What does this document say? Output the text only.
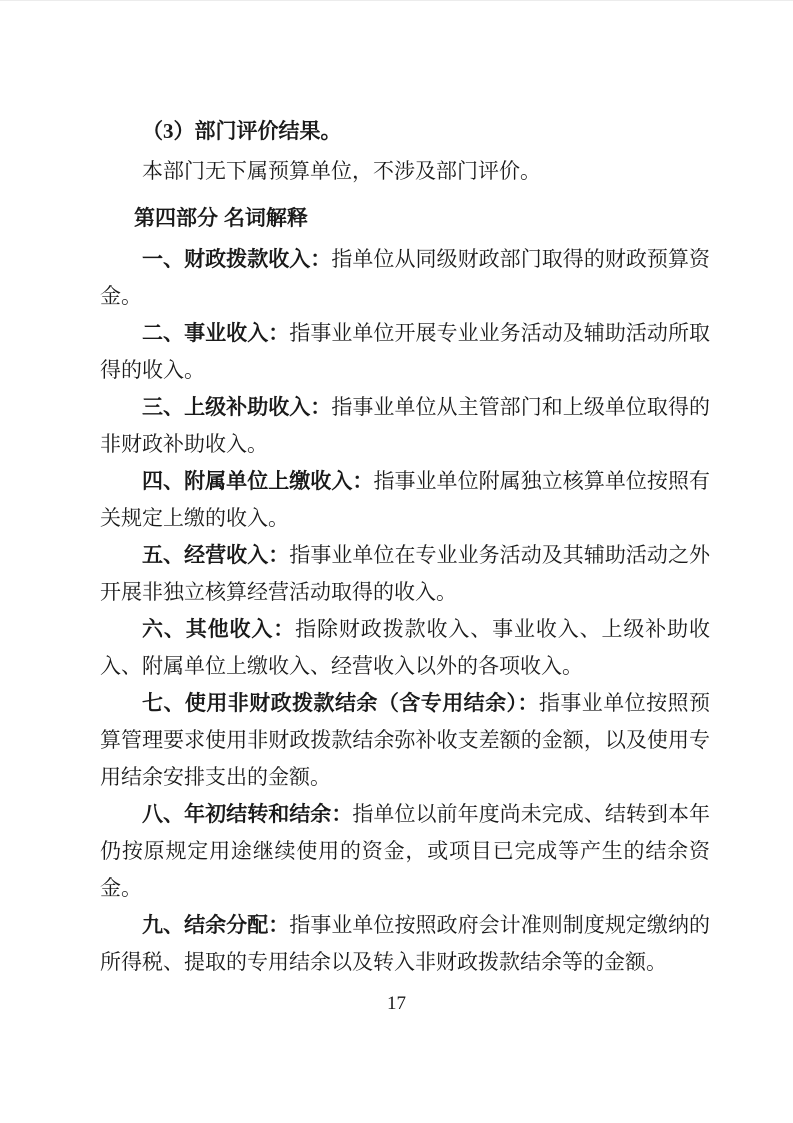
（3）部门评价结果。

本部门无下属预算单位，不涉及部门评价。

第四部分 名词解释

一、财政拨款收入：指单位从同级财政部门取得的财政预算资金。

二、事业收入：指事业单位开展专业业务活动及辅助活动所取得的收入。

三、上级补助收入：指事业单位从主管部门和上级单位取得的非财政补助收入。

四、附属单位上缴收入：指事业单位附属独立核算单位按照有关规定上缴的收入。

五、经营收入：指事业单位在专业业务活动及其辅助活动之外开展非独立核算经营活动取得的收入。

六、其他收入：指除财政拨款收入、事业收入、上级补助收入、附属单位上缴收入、经营收入以外的各项收入。

七、使用非财政拨款结余（含专用结余）：指事业单位按照预算管理要求使用非财政拨款结余弥补收支差额的金额，以及使用专用结余安排支出的金额。

八、年初结转和结余：指单位以前年度尚未完成、结转到本年仍按原规定用途继续使用的资金，或项目已完成等产生的结余资金。

九、结余分配：指事业单位按照政府会计准则制度规定缴纳的所得税、提取的专用结余以及转入非财政拨款结余等的金额。

17
